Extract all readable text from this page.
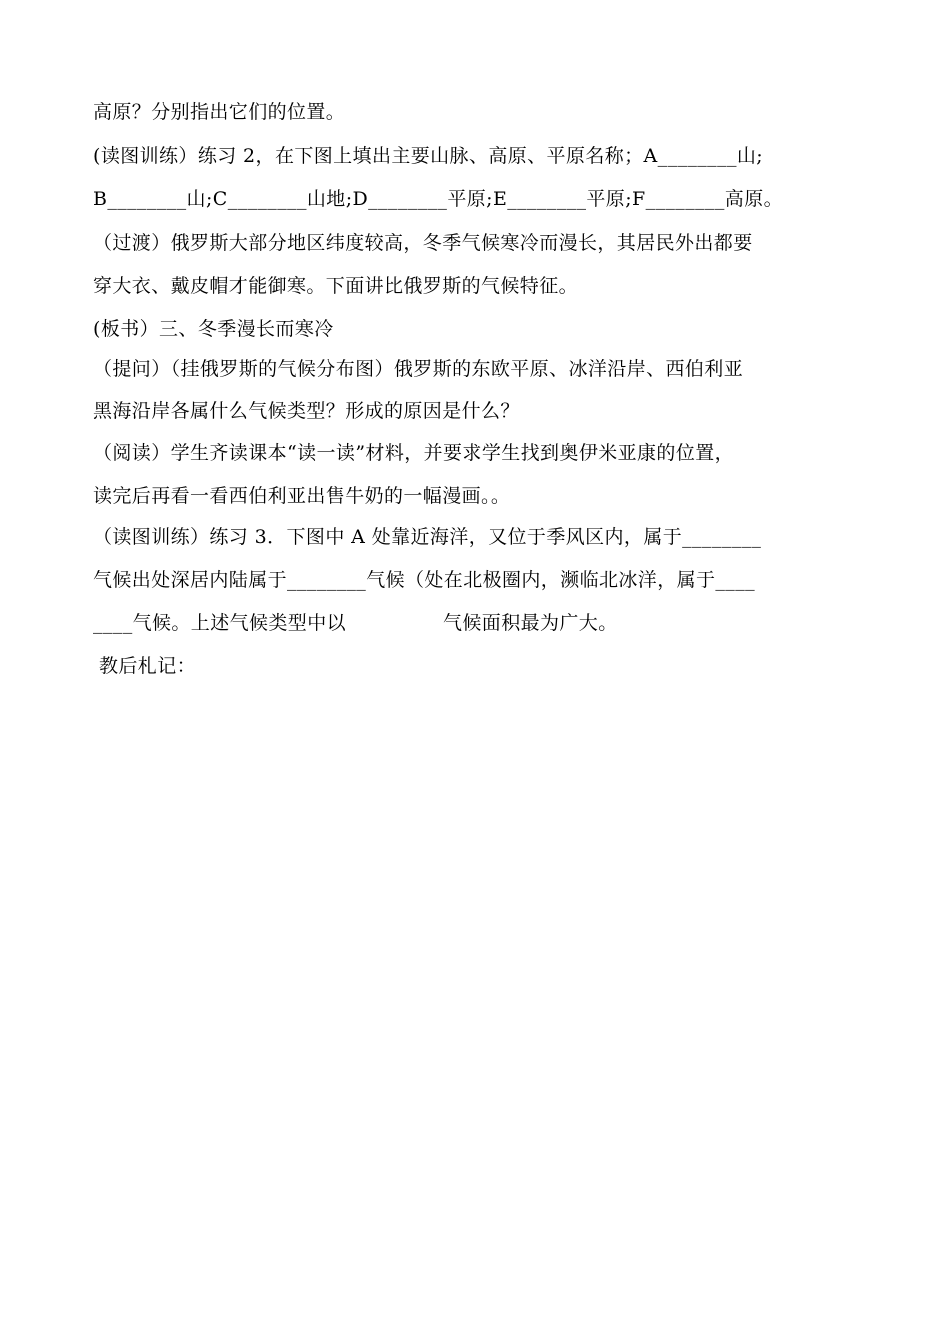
高原？分别指出它们的位置。
(读图训练）练习 2，在下图上填出主要山脉、高原、平原名称；A________山;
B________山;C________山地;D________平原;E________平原;F________高原。
（过渡）俄罗斯大部分地区纬度较高，冬季气候寒冷而漫长，其居民外出都要
穿大衣、戴皮帽才能御寒。下面讲比俄罗斯的气候特征。
(板书）三、冬季漫长而寒冷
（提问）（挂俄罗斯的气候分布图）俄罗斯的东欧平原、冰洋沿岸、西伯利亚
黑海沿岸各属什么气候类型？形成的原因是什么？
（阅读）学生齐读课本“读一读”材料，并要求学生找到奥伊米亚康的位置，
读完后再看一看西伯利亚出售牛奶的一幅漫画。。
（读图训练）练习 3．下图中 A 处靠近海洋，又位于季风区内，属于________
气候出处深居内陆属于________气候（处在北极圈内，濒临北冰洋，属于____
____气候。上述气候类型中以　　　　　气候面积最为广大。
教后札记：
